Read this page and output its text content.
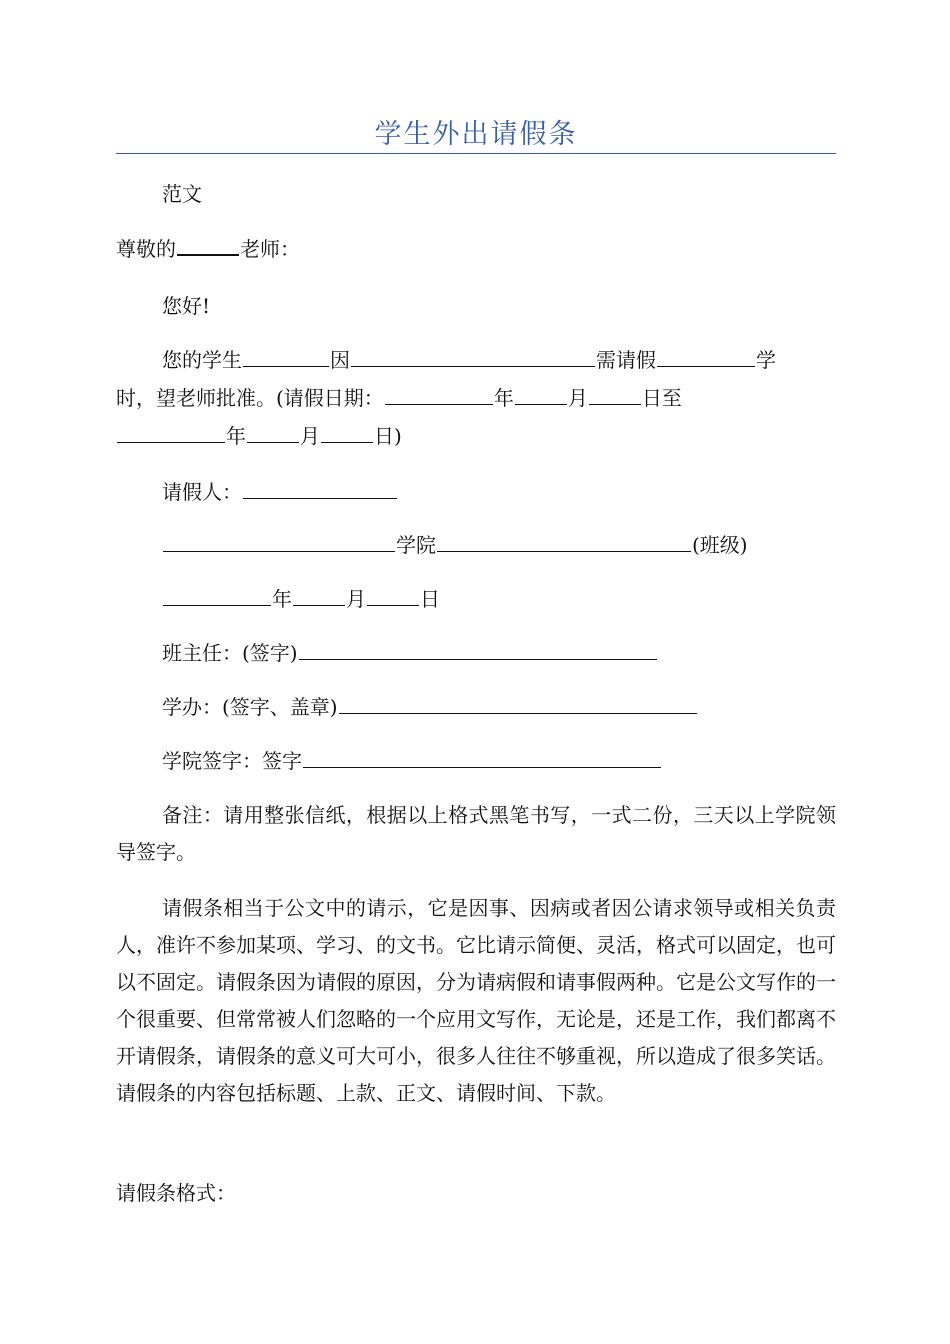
学生外出请假条

范文

尊敬的	老师：

您好!

您的学生	因	需请假	学

时，望老师批准。(请假日期：	年	月	日至

年	月	日)

请假人：

学院	(班级)

年	月	日

班主任：(签字)

学办：(签字、盖章)

学院签字：签字

备注：请用整张信纸，根据以上格式黑笔书写，一式二份，三天以上学院领导签字。

请假条相当于公文中的请示，它是因事、因病或者因公请求领导或相关负责人，准许不参加某项、学习、的文书。它比请示简便、灵活，格式可以固定，也可以不固定。请假条因为请假的原因，分为请病假和请事假两种。它是公文写作的一个很重要、但常常被人们忽略的一个应用文写作，无论是，还是工作，我们都离不开请假条，请假条的意义可大可小，很多人往往不够重视，所以造成了很多笑话。请假条的内容包括标题、上款、正文、请假时间、下款。

请假条格式：
